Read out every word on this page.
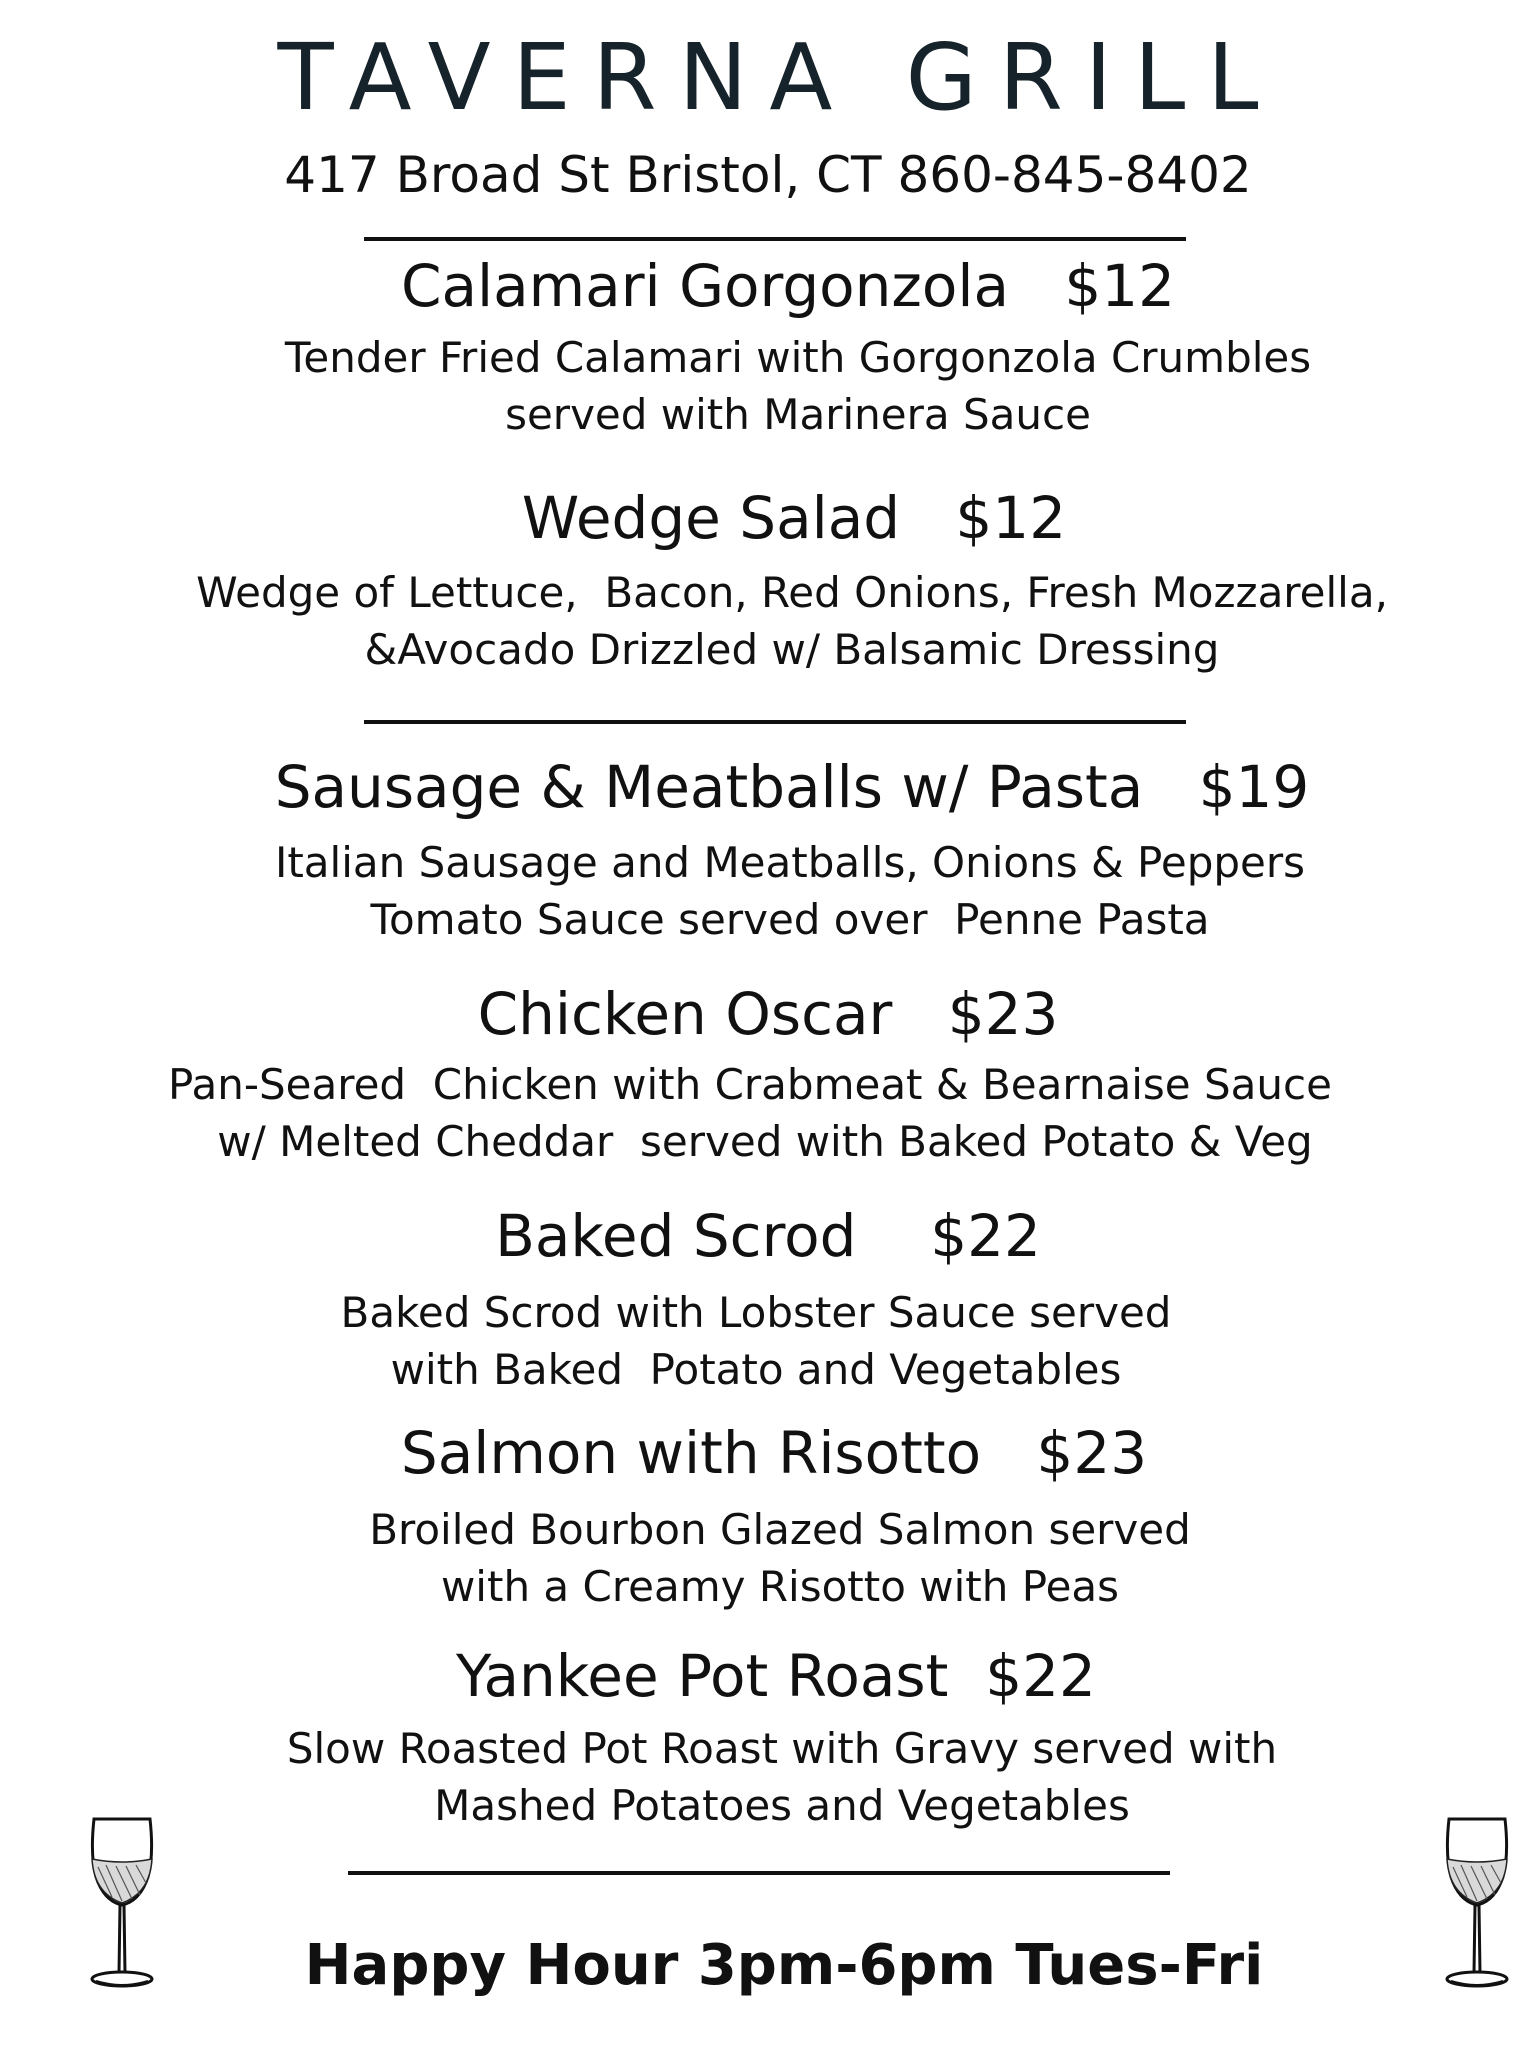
TAVERNA GRILL
417 Broad St Bristol, CT 860-845-8402
Calamari Gorgonzola   $12
Tender Fried Calamari with Gorgonzola Crumbles
served with Marinera Sauce
Wedge Salad   $12
Wedge of Lettuce,  Bacon, Red Onions, Fresh Mozzarella,
&Avocado Drizzled w/ Balsamic Dressing
Sausage & Meatballs w/ Pasta   $19
Italian Sausage and Meatballs, Onions & Peppers
Tomato Sauce served over  Penne Pasta
Chicken Oscar   $23
Pan-Seared  Chicken with Crabmeat & Bearnaise Sauce
w/ Melted Cheddar  served with Baked Potato & Veg
Baked Scrod    $22
Baked Scrod with Lobster Sauce served
with Baked  Potato and Vegetables
Salmon with Risotto   $23
Broiled Bourbon Glazed Salmon served
with a Creamy Risotto with Peas
Yankee Pot Roast  $22
Slow Roasted Pot Roast with Gravy served with
Mashed Potatoes and Vegetables
Happy Hour 3pm-6pm Tues-Fri
